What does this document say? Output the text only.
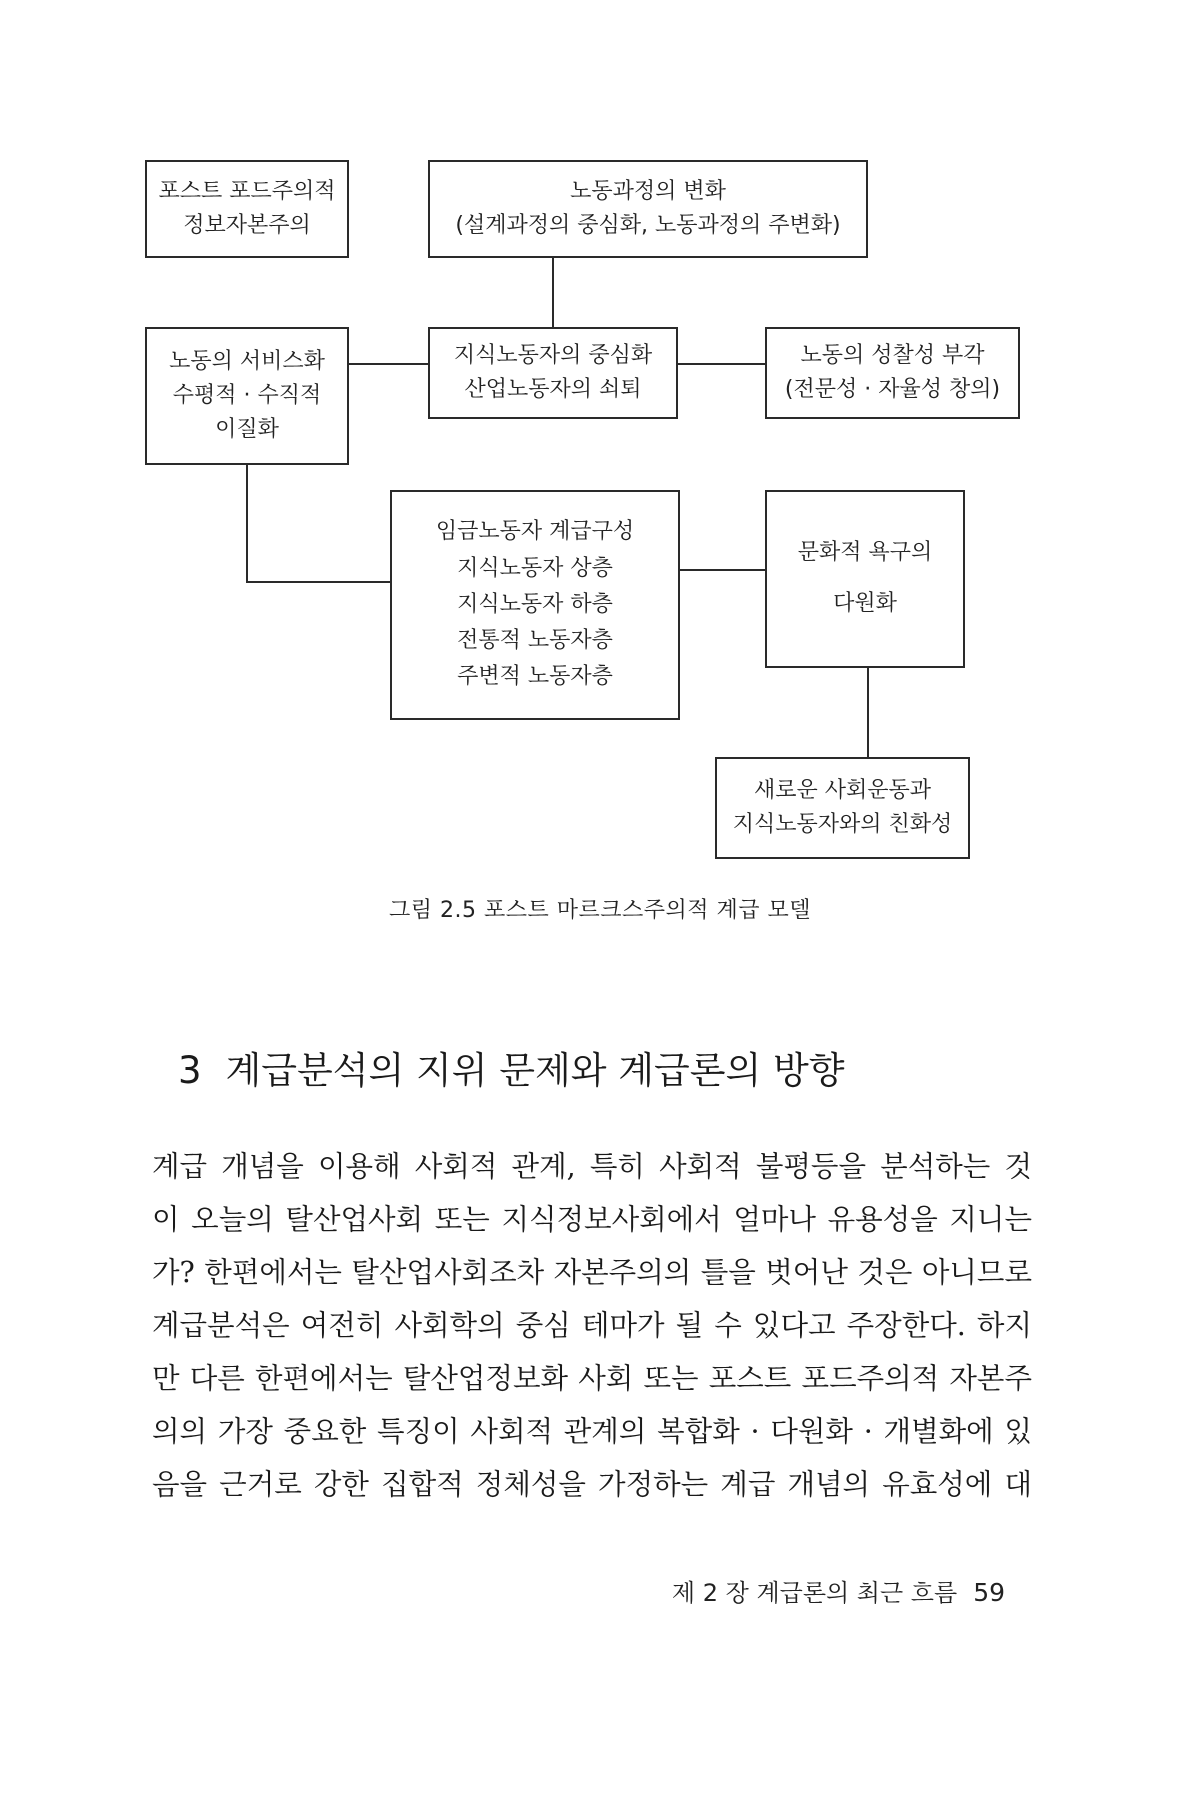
포스트 포드주의적
정보자본주의
노동과정의 변화
(설계과정의 중심화, 노동과정의 주변화)
노동의 서비스화
수평적 · 수직적
이질화
지식노동자의 중심화
산업노동자의 쇠퇴
노동의 성찰성 부각
(전문성 · 자율성 창의)
임금노동자 계급구성
지식노동자 상층
지식노동자 하층
전통적 노동자층
주변적 노동자층
문화적 욕구의
다원화
새로운 사회운동과
지식노동자와의 친화성
그림 2.5 포스트 마르크스주의적 계급 모델
3 계급분석의 지위 문제와 계급론의 방향
계급 개념을 이용해 사회적 관계, 특히 사회적 불평등을 분석하는 것
이 오늘의 탈산업사회 또는 지식정보사회에서 얼마나 유용성을 지니는
가? 한편에서는 탈산업사회조차 자본주의의 틀을 벗어난 것은 아니므로
계급분석은 여전히 사회학의 중심 테마가 될 수 있다고 주장한다. 하지
만 다른 한편에서는 탈산업정보화 사회 또는 포스트 포드주의적 자본주
의의 가장 중요한 특징이 사회적 관계의 복합화 · 다원화 · 개별화에 있
음을 근거로 강한 집합적 정체성을 가정하는 계급 개념의 유효성에 대
제 2 장 계급론의 최근 흐름 59
